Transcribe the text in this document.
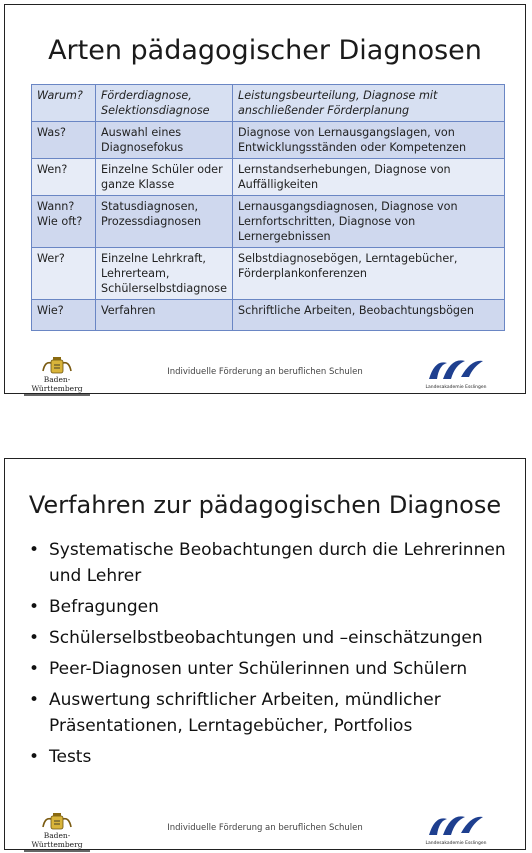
Arten pädagogischer Diagnosen
Warum?	Förderdiagnose, Selektionsdiagnose	Leistungsbeurteilung, Diagnose mit anschließender Förderplanung
Was?	Auswahl eines Diagnosefokus	Diagnose von Lernausgangslagen, von Entwicklungsständen oder Kompetenzen
Wen?	Einzelne Schüler oder ganze Klasse	Lernstandserhebungen, Diagnose von Auffälligkeiten
Wann? Wie oft?	Statusdiagnosen, Prozessdiagnosen	Lernausgangsdiagnosen, Diagnose von Lernfortschritten, Diagnose von Lernergebnissen
Wer?	Einzelne Lehrkraft, Lehrerteam, Schülerselbstdiagnose	Selbstdiagnosebögen, Lerntagebücher, Förderplankonferenzen
Wie?	Verfahren	Schriftliche Arbeiten, Beobachtungsbögen
Baden-Württemberg
Individuelle Förderung an beruflichen Schulen
Landesakademie Esslingen
Verfahren zur pädagogischen Diagnose
• Systematische Beobachtungen durch die Lehrerinnen und Lehrer
• Befragungen
• Schülerselbstbeobachtungen und –einschätzungen
• Peer-Diagnosen unter Schülerinnen und Schülern
• Auswertung schriftlicher Arbeiten, mündlicher Präsentationen, Lerntagebücher, Portfolios
• Tests
Baden-Württemberg
Individuelle Förderung an beruflichen Schulen
Landesakademie Esslingen
